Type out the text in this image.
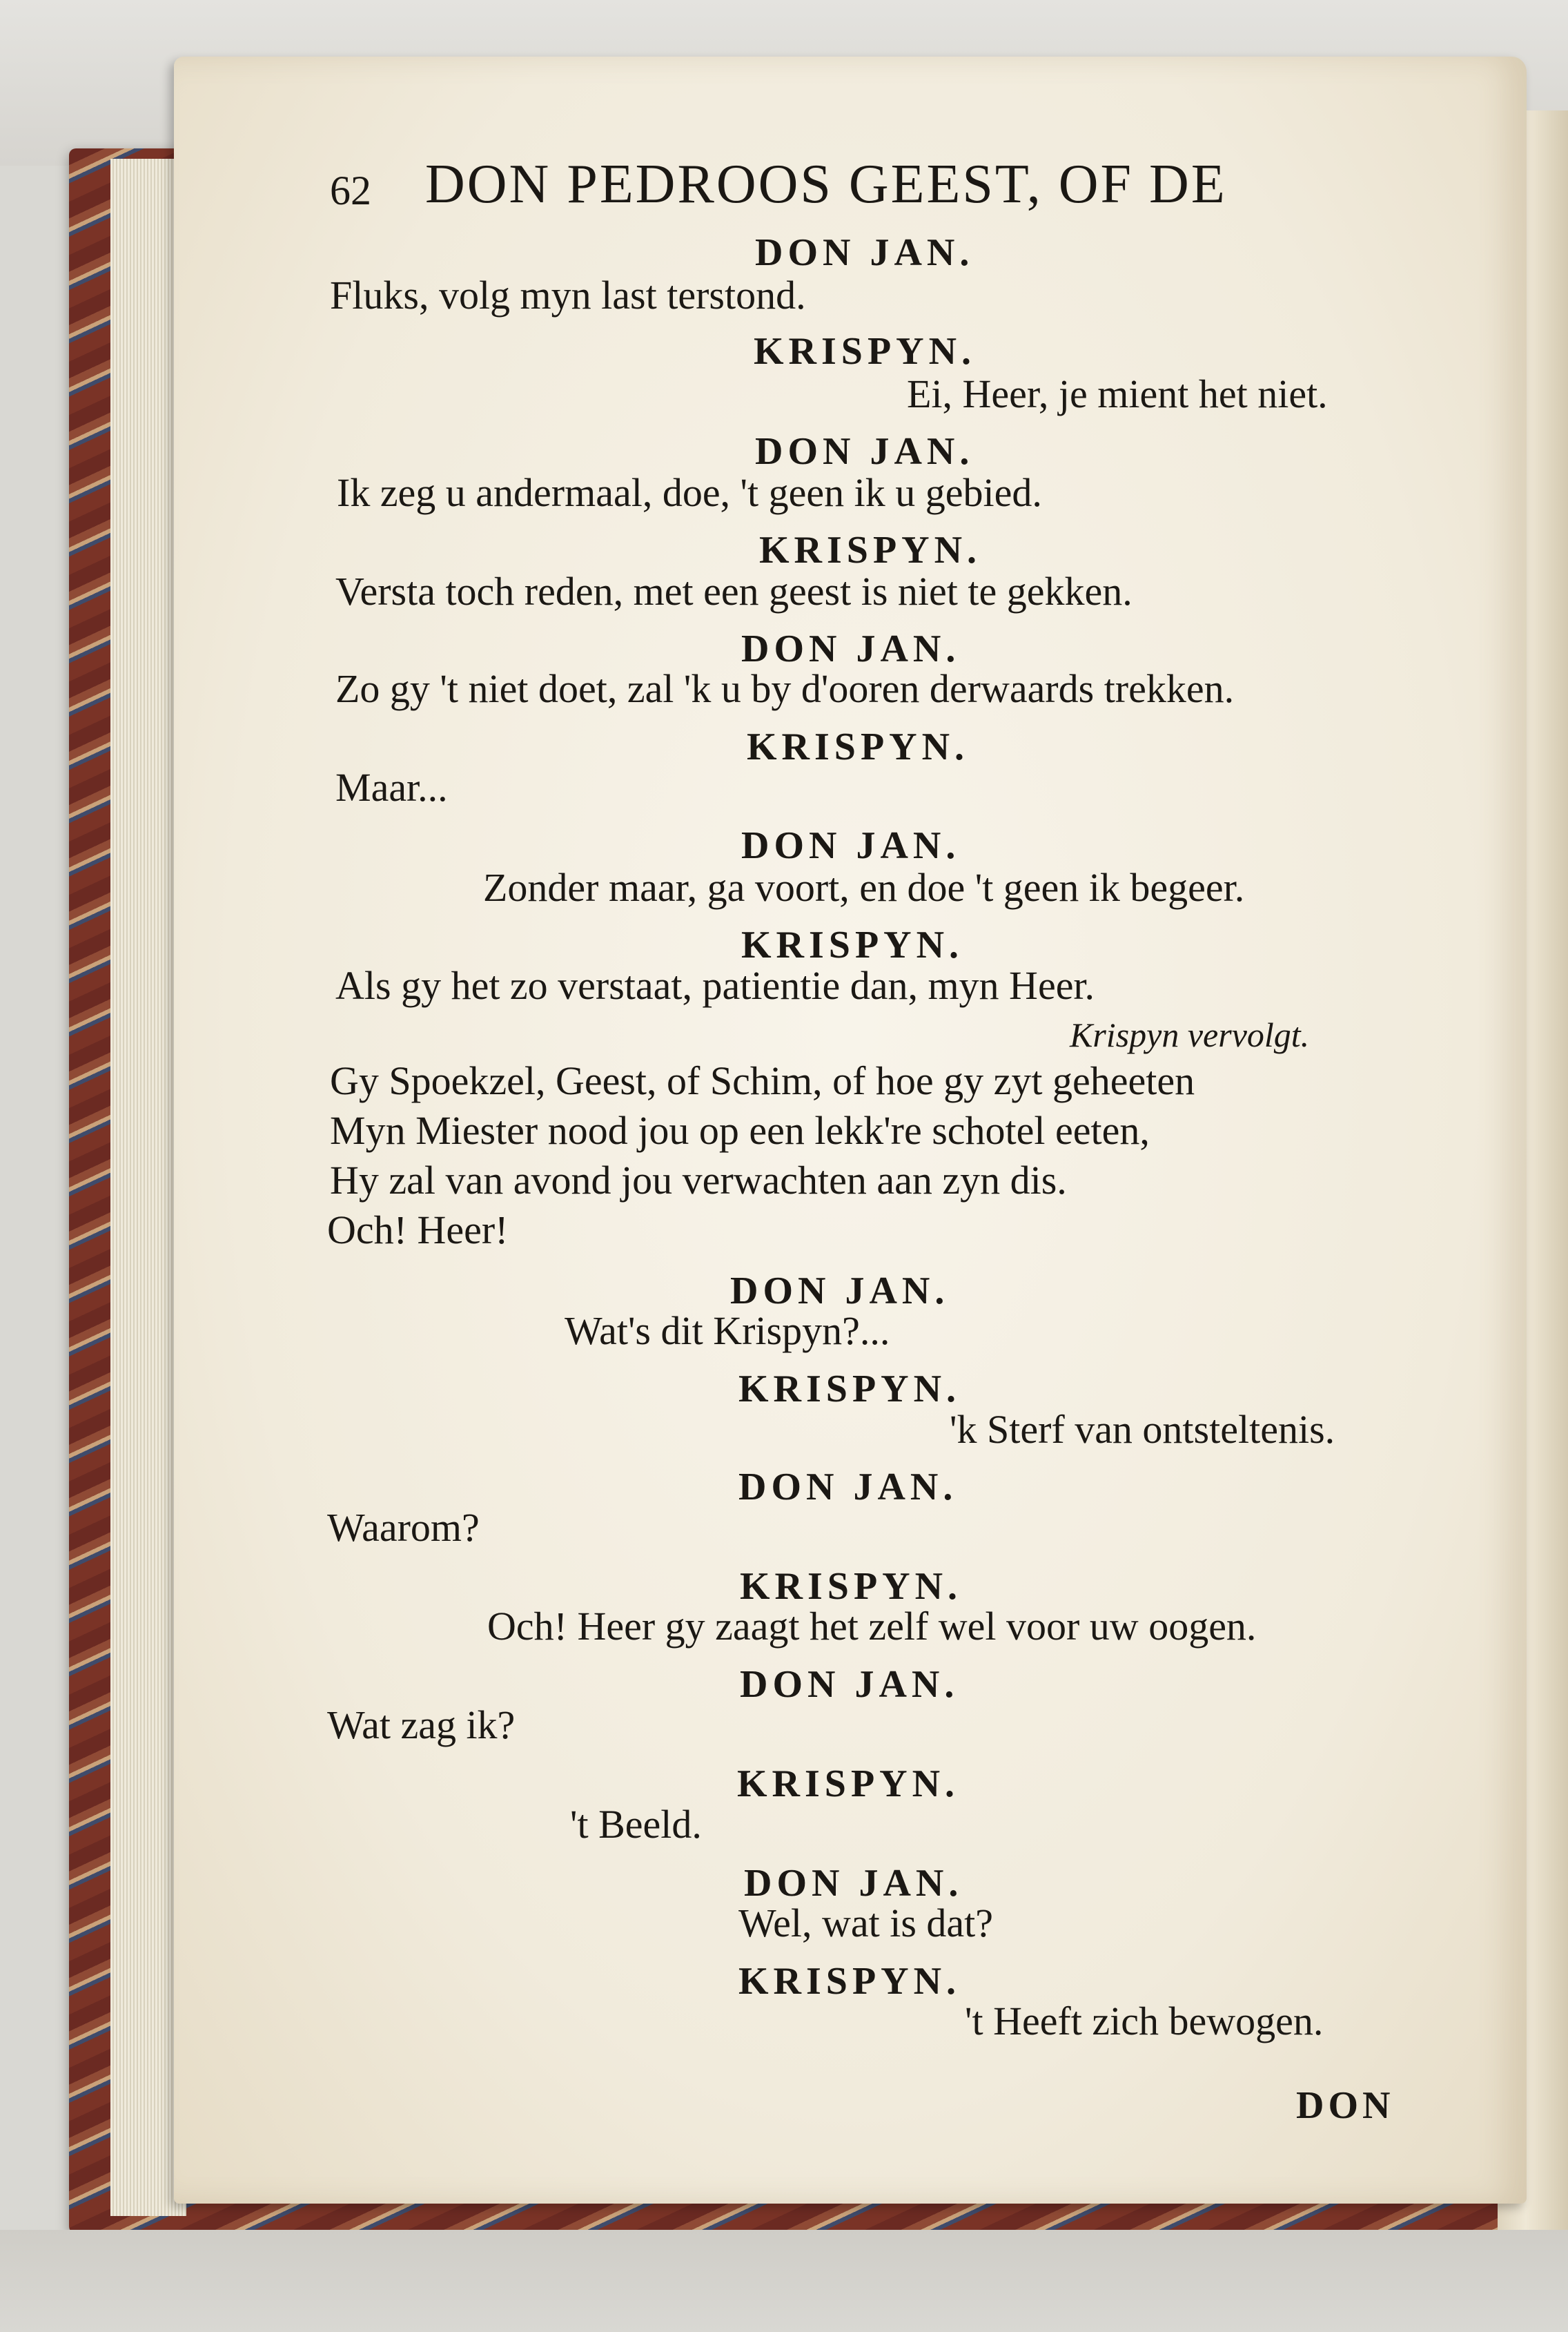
62 DON PEDROOS GEEST, OF DE
DON JAN.
Fluks, volg myn last terstond.
KRISPYN.
Ei, Heer, je mient het niet.
DON JAN.
Ik zeg u andermaal, doe, 't geen ik u gebied.
KRISPYN.
Versta toch reden, met een geest is niet te gekken.
DON JAN.
Zo gy 't niet doet, zal 'k u by d'ooren derwaards trekken.
KRISPYN.
Maar...
DON JAN.
Zonder maar, ga voort, en doe 't geen ik begeer.
KRISPYN.
Als gy het zo verstaat, patientie dan, myn Heer.
Krispyn vervolgt.
Gy Spoekzel, Geest, of Schim, of hoe gy zyt geheeten
Myn Miester nood jou op een lekk're schotel eeten,
Hy zal van avond jou verwachten aan zyn dis.
Och! Heer!
DON JAN.
Wat's dit Krispyn?...
KRISPYN.
'k Sterf van ontsteltenis.
DON JAN.
Waarom?
KRISPYN.
Och! Heer gy zaagt het zelf wel voor uw oogen.
DON JAN.
Wat zag ik?
KRISPYN.
't Beeld.
DON JAN.
Wel, wat is dat?
KRISPYN.
't Heeft zich bewogen.
DON
